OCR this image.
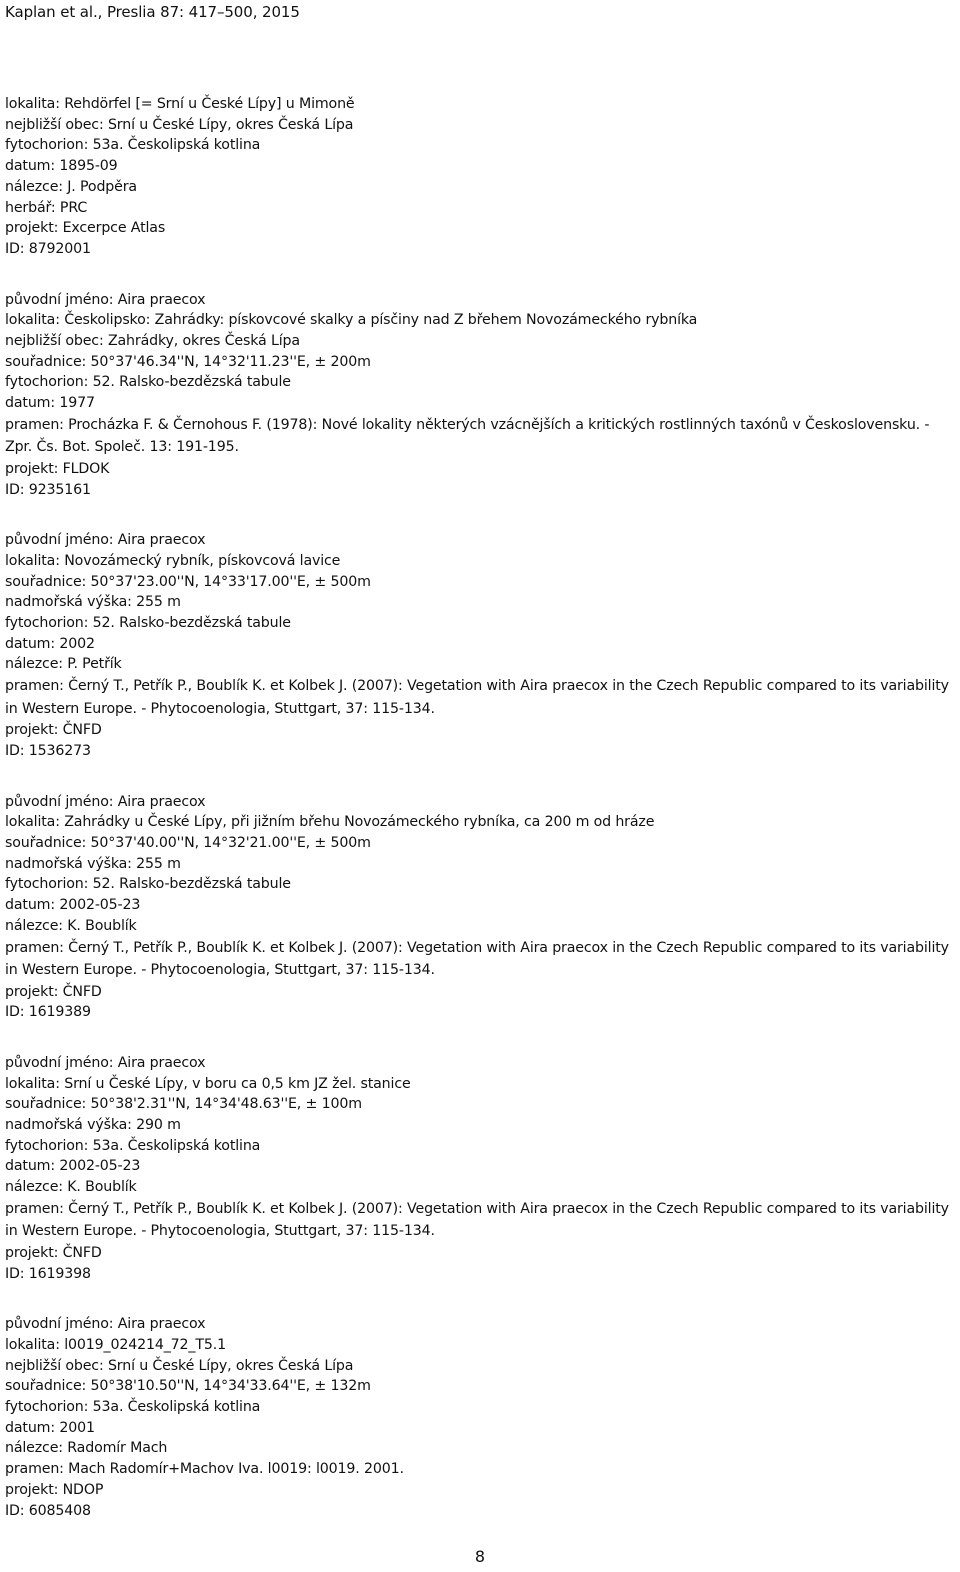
Kaplan et al., Preslia 87: 417–500, 2015
lokalita: Rehdörfel [= Srní u České Lípy] u Mimoně
nejbližší obec: Srní u České Lípy, okres Česká Lípa
fytochorion: 53a. Českolipská kotlina
datum: 1895-09
nálezce: J. Podpěra
herbář: PRC
projekt: Excerpce Atlas
ID: 8792001
původní jméno: Aira praecox
lokalita: Českolipsko: Zahrádky: pískovcové skalky a písčiny nad Z břehem Novozámeckého rybníka
nejbližší obec: Zahrádky, okres Česká Lípa
souřadnice: 50°37'46.34''N, 14°32'11.23''E, ± 200m
fytochorion: 52. Ralsko-bezdězská tabule
datum: 1977
pramen: Procházka F. & Černohous F. (1978): Nové lokality některých vzácnějších a kritických rostlinných taxónů v Československu. - Zpr. Čs. Bot. Společ. 13: 191-195.
projekt: FLDOK
ID: 9235161
původní jméno: Aira praecox
lokalita: Novozámecký rybník, pískovcová lavice
souřadnice: 50°37'23.00''N, 14°33'17.00''E, ± 500m
nadmořská výška: 255 m
fytochorion: 52. Ralsko-bezdězská tabule
datum: 2002
nálezce: P. Petřík
pramen: Černý T., Petřík P., Boublík K. et Kolbek J. (2007): Vegetation with Aira praecox in the Czech Republic compared to its variability in Western Europe. - Phytocoenologia, Stuttgart, 37: 115-134.
projekt: ČNFD
ID: 1536273
původní jméno: Aira praecox
lokalita: Zahrádky u České Lípy, při jižním břehu Novozámeckého rybníka, ca 200 m od hráze
souřadnice: 50°37'40.00''N, 14°32'21.00''E, ± 500m
nadmořská výška: 255 m
fytochorion: 52. Ralsko-bezdězská tabule
datum: 2002-05-23
nálezce: K. Boublík
pramen: Černý T., Petřík P., Boublík K. et Kolbek J. (2007): Vegetation with Aira praecox in the Czech Republic compared to its variability in Western Europe. - Phytocoenologia, Stuttgart, 37: 115-134.
projekt: ČNFD
ID: 1619389
původní jméno: Aira praecox
lokalita: Srní u České Lípy, v boru ca 0,5 km JZ žel. stanice
souřadnice: 50°38'2.31''N, 14°34'48.63''E, ± 100m
nadmořská výška: 290 m
fytochorion: 53a. Českolipská kotlina
datum: 2002-05-23
nálezce: K. Boublík
pramen: Černý T., Petřík P., Boublík K. et Kolbek J. (2007): Vegetation with Aira praecox in the Czech Republic compared to its variability in Western Europe. - Phytocoenologia, Stuttgart, 37: 115-134.
projekt: ČNFD
ID: 1619398
původní jméno: Aira praecox
lokalita: l0019_024214_72_T5.1
nejbližší obec: Srní u České Lípy, okres Česká Lípa
souřadnice: 50°38'10.50''N, 14°34'33.64''E, ± 132m
fytochorion: 53a. Českolipská kotlina
datum: 2001
nálezce: Radomír Mach
pramen: Mach Radomír+Machov Iva. l0019: l0019. 2001.
projekt: NDOP
ID: 6085408
8
